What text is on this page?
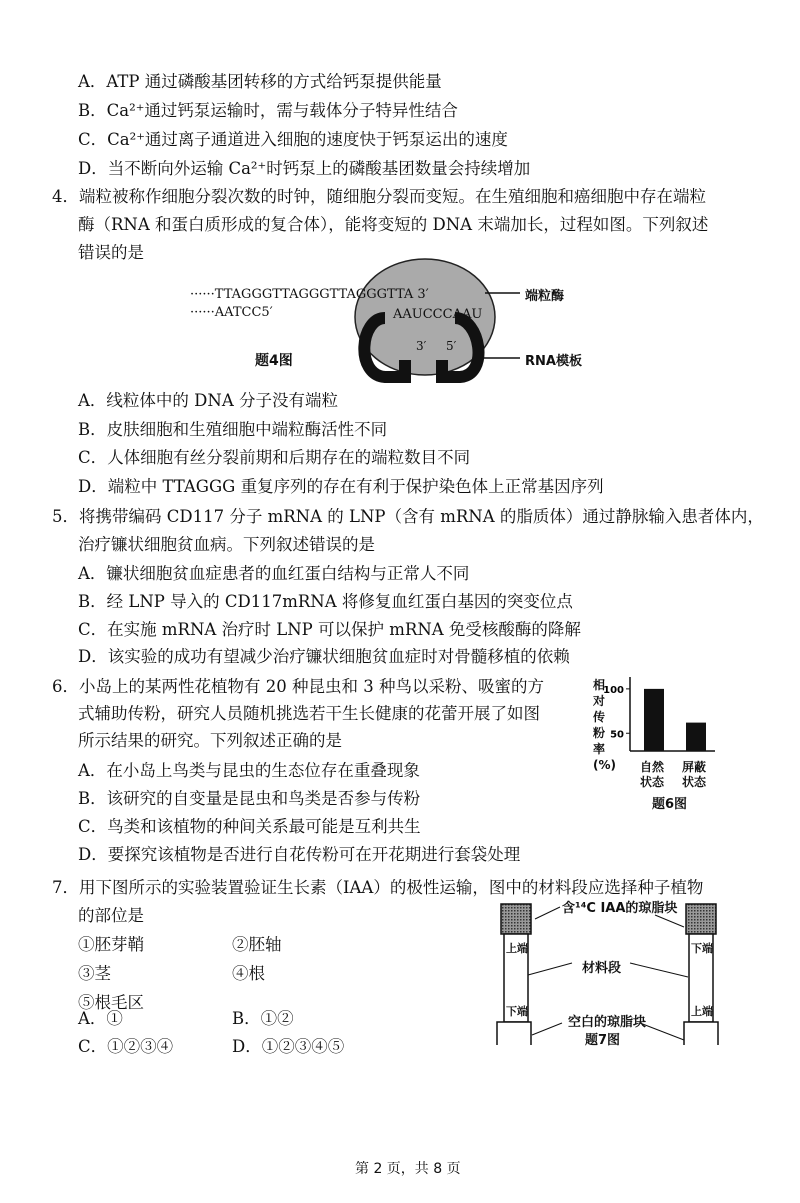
A．ATP 通过磷酸基团转移的方式给钙泵提供能量
B．Ca²⁺通过钙泵运输时，需与载体分子特异性结合
C．Ca²⁺通过离子通道进入细胞的速度快于钙泵运出的速度
D．当不断向外运输 Ca²⁺时钙泵上的磷酸基团数量会持续增加
4．端粒被称作细胞分裂次数的时钟，随细胞分裂而变短。在生殖细胞和癌细胞中存在端粒
酶（RNA 和蛋白质形成的复合体），能将变短的 DNA 末端加长，过程如图。下列叙述
错误的是
······TTAGGGTTAGGGTTAGGGTTA 3′
······AATCC5′	AAUCCCAAU
3′ 5′
端粒酶
RNA模板
题4图
A．线粒体中的 DNA 分子没有端粒
B．皮肤细胞和生殖细胞中端粒酶活性不同
C．人体细胞有丝分裂前期和后期存在的端粒数目不同
D．端粒中 TTAGGG 重复序列的存在有利于保护染色体上正常基因序列
5．将携带编码 CD117 分子 mRNA 的 LNP（含有 mRNA 的脂质体）通过静脉输入患者体内，
治疗镰状细胞贫血病。下列叙述错误的是
A．镰状细胞贫血症患者的血红蛋白结构与正常人不同
B．经 LNP 导入的 CD117mRNA 将修复血红蛋白基因的突变位点
C．在实施 mRNA 治疗时 LNP 可以保护 mRNA 免受核酸酶的降解
D．该实验的成功有望减少治疗镰状细胞贫血症时对骨髓移植的依赖
6．小岛上的某两性花植物有 20 种昆虫和 3 种鸟以采粉、吸蜜的方
式辅助传粉，研究人员随机挑选若干生长健康的花蕾开展了如图
所示结果的研究。下列叙述正确的是
A．在小岛上鸟类与昆虫的生态位存在重叠现象
B．该研究的自变量是昆虫和鸟类是否参与传粉
C．鸟类和该植物的种间关系最可能是互利共生
D．要探究该植物是否进行自花传粉可在开花期进行套袋处理
相对传粉率(%)
50
100
自然状态
屏蔽状态
题6图
7．用下图所示的实验装置验证生长素（IAA）的极性运输，图中的材料段应选择种子植物
的部位是
①胚芽鞘	②胚轴
③茎	④根
⑤根毛区
A．①	B．①②
C．①②③④	D．①②③④⑤
含¹⁴C IAA的琼脂块
上端
下端
下端
上端
材料段
空白的琼脂块
题7图
第 2 页，共 8 页
